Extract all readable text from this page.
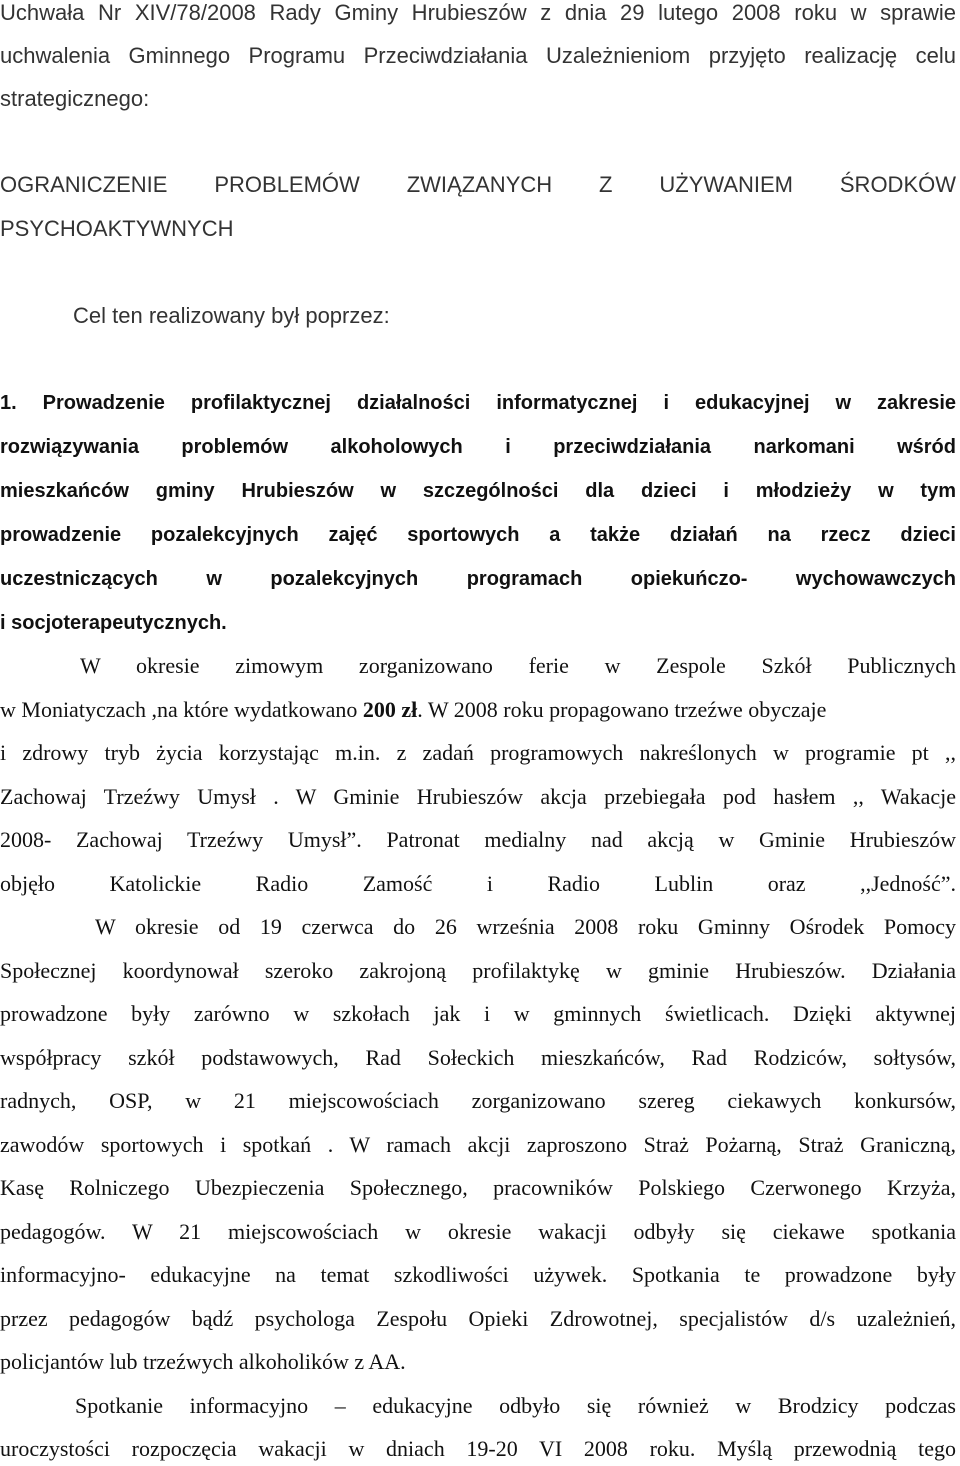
Uchwała Nr XIV/78/2008 Rady Gminy Hrubieszów z dnia 29 lutego 2008 roku w sprawie
uchwalenia Gminnego Programu Przeciwdziałania Uzależnieniom przyjęto realizację celu
strategicznego:
OGRANICZENIE PROBLEMÓW ZWIĄZANYCH Z UŻYWANIEM ŚRODKÓW
PSYCHOAKTYWNYCH
Cel ten realizowany był poprzez:
1. Prowadzenie profilaktycznej działalności informatycznej i edukacyjnej w zakresie
rozwiązywania problemów alkoholowych i przeciwdziałania narkomani wśród
mieszkańców gminy Hrubieszów w szczególności dla dzieci i młodzieży w tym
prowadzenie pozalekcyjnych zajęć sportowych a także działań na rzecz dzieci
uczestniczących w pozalekcyjnych programach opiekuńczo- wychowawczych
i socjoterapeutycznych.
W okresie zimowym zorganizowano ferie w Zespole Szkół Publicznych
w Moniatyczach ,na które wydatkowano 200 zł. W 2008 roku propagowano trzeźwe obyczaje
i zdrowy tryb życia korzystając m.in. z zadań programowych nakreślonych w programie pt ,,
Zachowaj Trzeźwy Umysł . W Gminie Hrubieszów akcja przebiegała pod hasłem ,, Wakacje
2008- Zachowaj Trzeźwy Umysł”. Patronat medialny nad akcją w Gminie Hrubieszów
objęło Katolickie Radio Zamość i Radio Lublin oraz ,,Jedność”.
W okresie od 19 czerwca do 26 września 2008 roku Gminny Ośrodek Pomocy
Społecznej koordynował szeroko zakrojoną profilaktykę w gminie Hrubieszów. Działania
prowadzone były zarówno w szkołach jak i w gminnych świetlicach. Dzięki aktywnej
współpracy szkół podstawowych, Rad Sołeckich mieszkańców, Rad Rodziców, sołtysów,
radnych, OSP, w 21 miejscowościach zorganizowano szereg ciekawych konkursów,
zawodów sportowych i spotkań . W ramach akcji zaproszono Straż Pożarną, Straż Graniczną,
Kasę Rolniczego Ubezpieczenia Społecznego, pracowników Polskiego Czerwonego Krzyża,
pedagogów. W 21 miejscowościach w okresie wakacji odbyły się ciekawe spotkania
informacyjno- edukacyjne na temat szkodliwości używek. Spotkania te prowadzone były
przez pedagogów bądź psychologa Zespołu Opieki Zdrowotnej, specjalistów d/s uzależnień,
policjantów lub trzeźwych alkoholików z AA.
Spotkanie informacyjno – edukacyjne odbyło się również w Brodzicy podczas
uroczystości rozpoczęcia wakacji w dniach 19-20 VI 2008 roku. Myślą przewodnią tego
